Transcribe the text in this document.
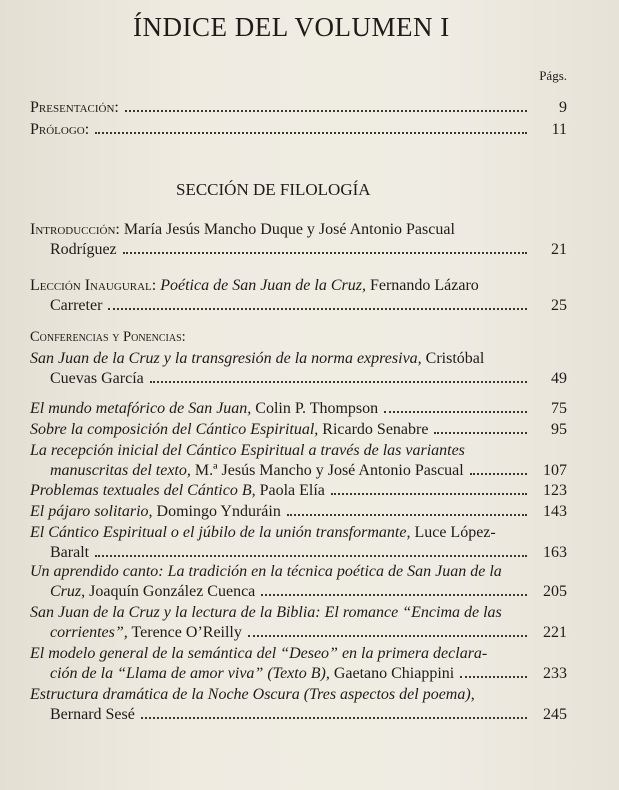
ÍNDICE DEL VOLUMEN I
Págs.
Presentación:	9
Prólogo:	11
SECCIÓN DE FILOLOGÍA
Introducción: María Jesús Mancho Duque y José Antonio Pascual
Rodríguez	21
Lección Inaugural: Poética de San Juan de la Cruz, Fernando Lázaro
Carreter	25
Conferencias y Ponencias:
San Juan de la Cruz y la transgresión de la norma expresiva, Cristóbal
Cuevas García	49
El mundo metafórico de San Juan, Colin P. Thompson	75
Sobre la composición del Cántico Espiritual, Ricardo Senabre	95
La recepción inicial del Cántico Espiritual a través de las variantes
manuscritas del texto, M.ª Jesús Mancho y José Antonio Pascual	107
Problemas textuales del Cántico B, Paola Elía	123
El pájaro solitario, Domingo Ynduráin	143
El Cántico Espiritual o el júbilo de la unión transformante, Luce López-
Baralt	163
Un aprendido canto: La tradición en la técnica poética de San Juan de la
Cruz, Joaquín González Cuenca	205
San Juan de la Cruz y la lectura de la Biblia: El romance “Encima de las
corrientes”, Terence O’Reilly	221
El modelo general de la semántica del “Deseo” en la primera declara-
ción de la “Llama de amor viva” (Texto B), Gaetano Chiappini	233
Estructura dramática de la Noche Oscura (Tres aspectos del poema),
Bernard Sesé	245
